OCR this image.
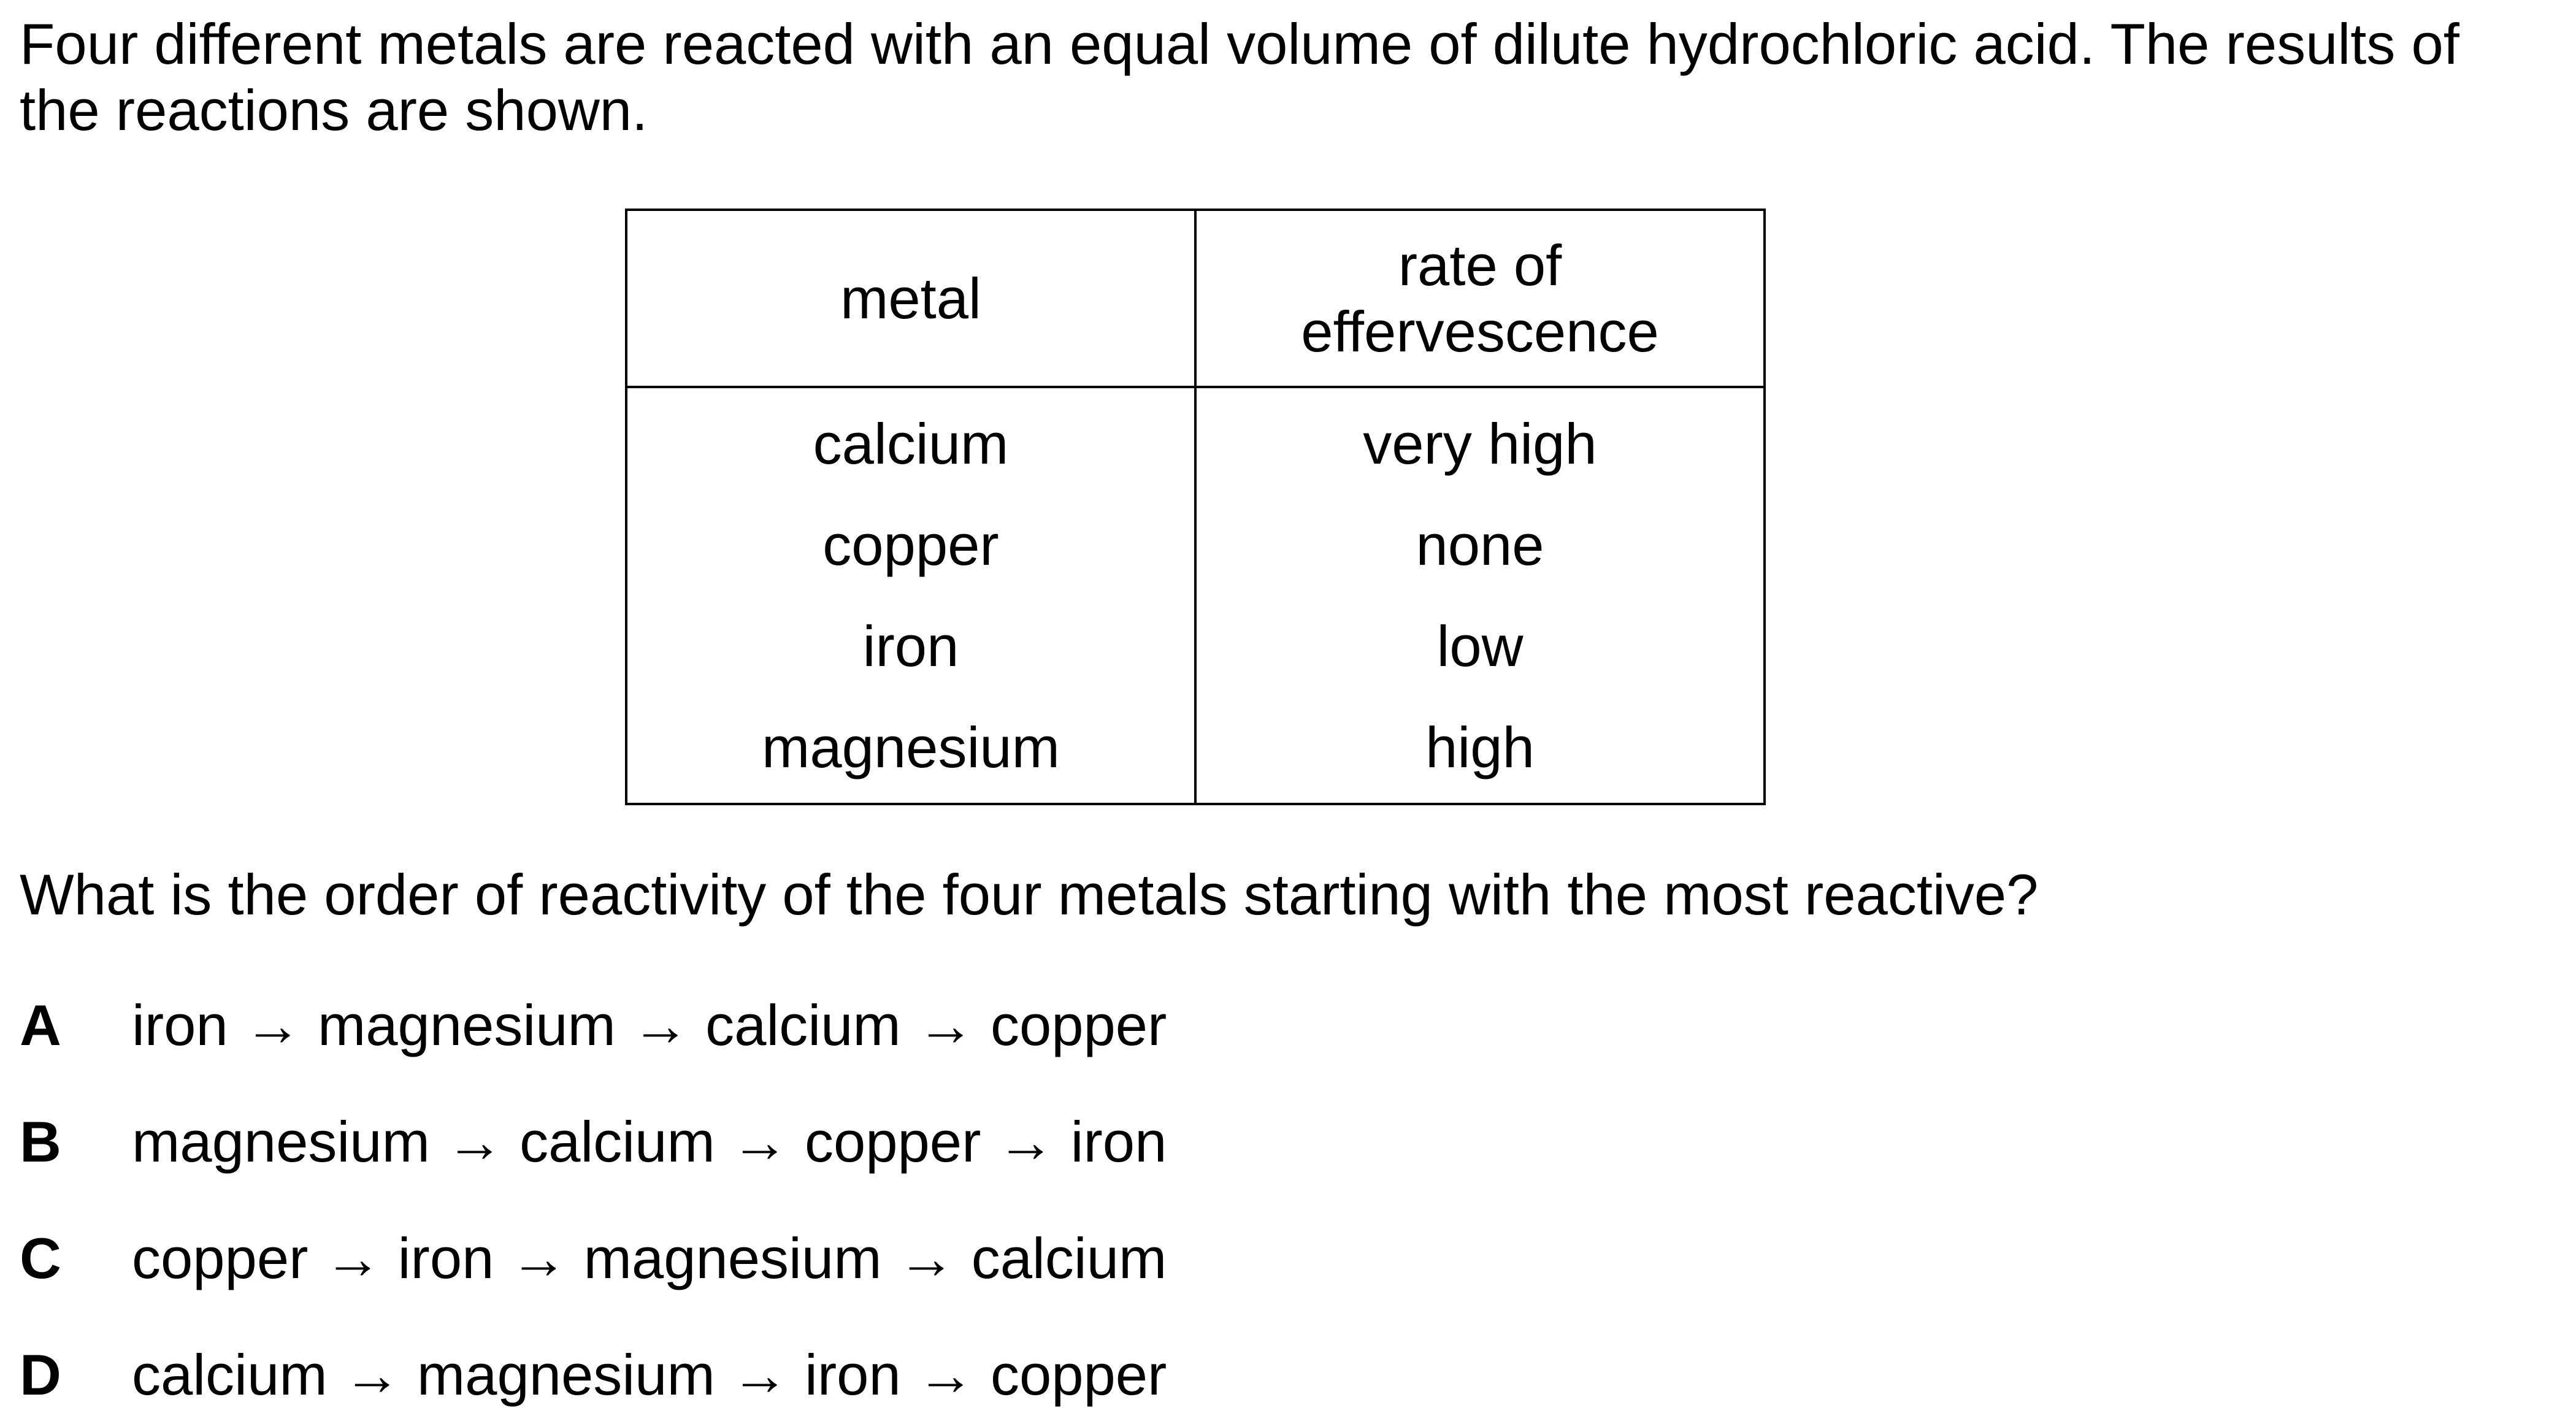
Four different metals are reacted with an equal volume of dilute hydrochloric acid. The results of
the reactions are shown.
metal	rate of
effervescence

calcium	very high
copper	none
iron	low
magnesium	high
What is the order of reactivity of the four metals starting with the most reactive?
A iron → magnesium → calcium → copper
B magnesium → calcium → copper → iron
C copper → iron → magnesium → calcium
D calcium → magnesium → iron → copper
